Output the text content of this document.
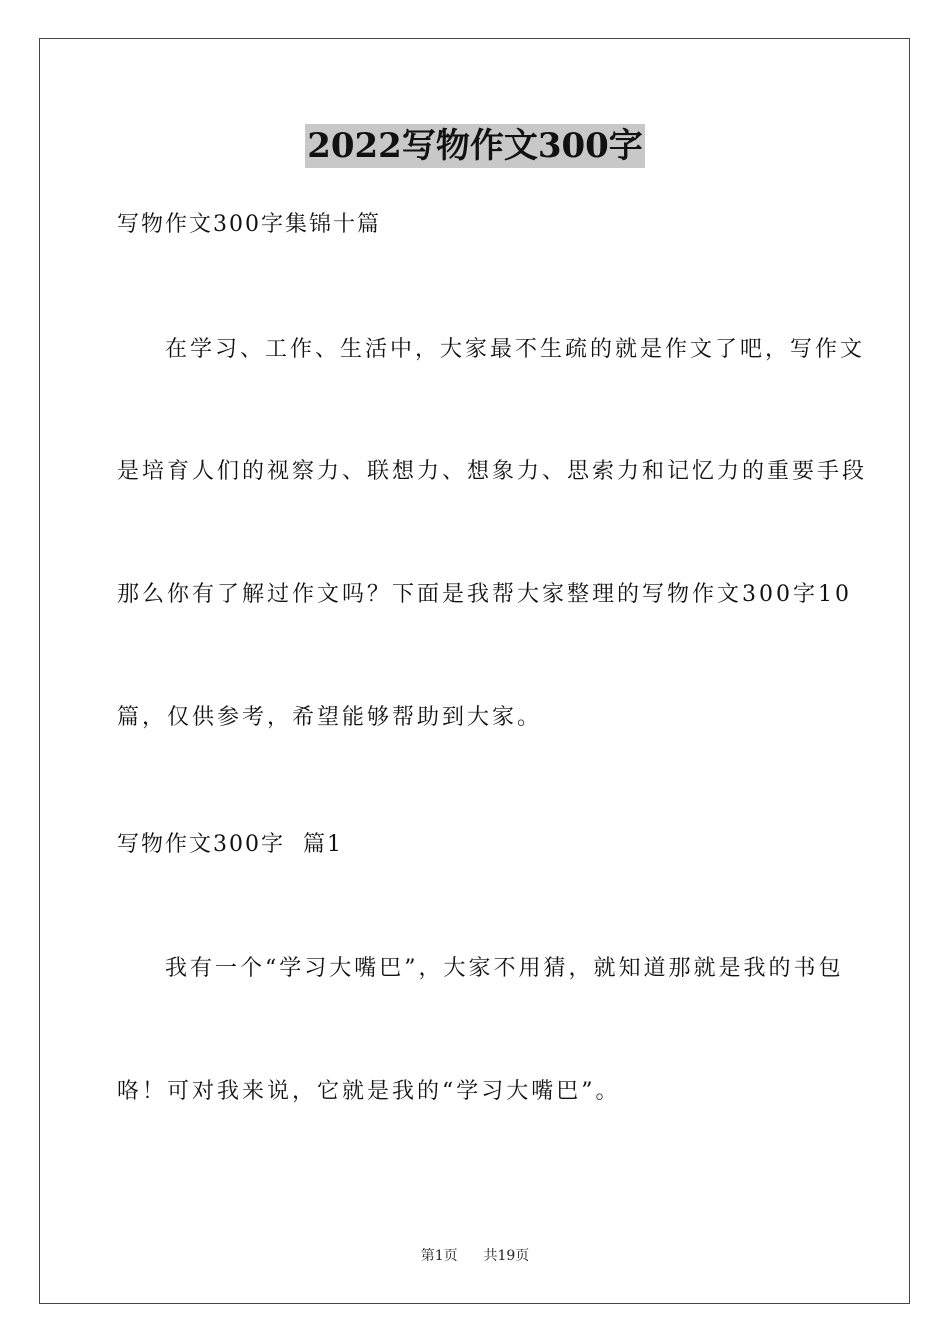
2022写物作文300字
写物作文300字集锦十篇
在学习、工作、生活中，大家最不生疏的就是作文了吧，写作文
是培育人们的视察力、联想力、想象力、思索力和记忆力的重要手段
那么你有了解过作文吗？下面是我帮大家整理的写物作文300字10
篇，仅供参考，希望能够帮助到大家。
写物作文300字  篇1
我有一个“学习大嘴巴”，大家不用猜，就知道那就是我的书包
咯！可对我来说，它就是我的“学习大嘴巴”。
第1页 共19页
